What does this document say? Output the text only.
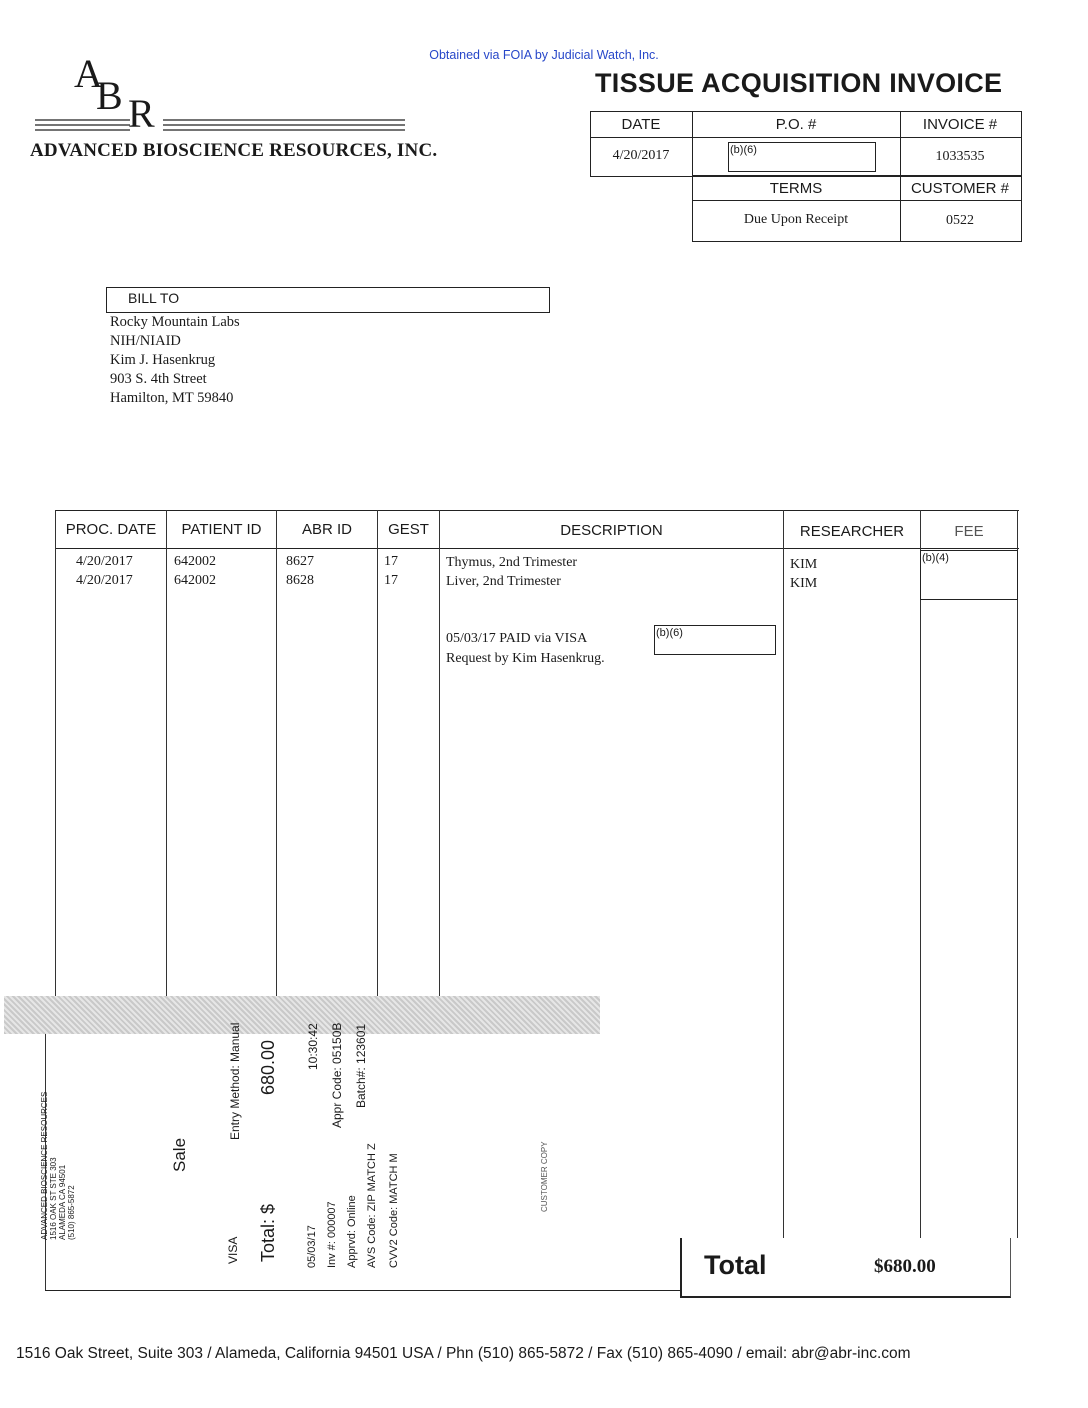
Obtained via FOIA by Judicial Watch, Inc.
A
B R
ADVANCED BIOSCIENCE RESOURCES, INC.
TISSUE ACQUISITION INVOICE
DATE	P.O. #	INVOICE #
4/20/2017	(b)(6)	1033535
TERMS	CUSTOMER #
Due Upon Receipt	0522
BILL TO
Rocky Mountain Labs
NIH/NIAID
Kim J. Hasenkrug
903 S. 4th Street
Hamilton, MT 59840
PROC. DATE	PATIENT ID	ABR ID	GEST	DESCRIPTION	RESEARCHER	FEE
4/20/2017	642002	8627	17	Thymus, 2nd Trimester	KIM
4/20/2017	642002	8628	17	Liver, 2nd Trimester	KIM
(b)(4)
05/03/17 PAID via VISA
Request by Kim Hasenkrug.
(b)(6)
ADVANCED BIOSCIENCE RESOURCES 1516 OAK ST STE 303 ALAMEDA CA 94501 (510) 865-5872
Sale
Entry Method: Manual 680.00
Total: $
VISA
10:30:42 Appr Code: 05150B Batch#: 123601
05/03/17 Inv #: 000007 Apprvd: Online AVS Code: ZIP MATCH Z CVV2 Code: MATCH M	CUSTOMER COPY
Total	$680.00
1516 Oak Street, Suite 303 / Alameda, California 94501 USA / Phn (510) 865-5872 / Fax (510) 865-4090 / email: abr@abr-inc.com
